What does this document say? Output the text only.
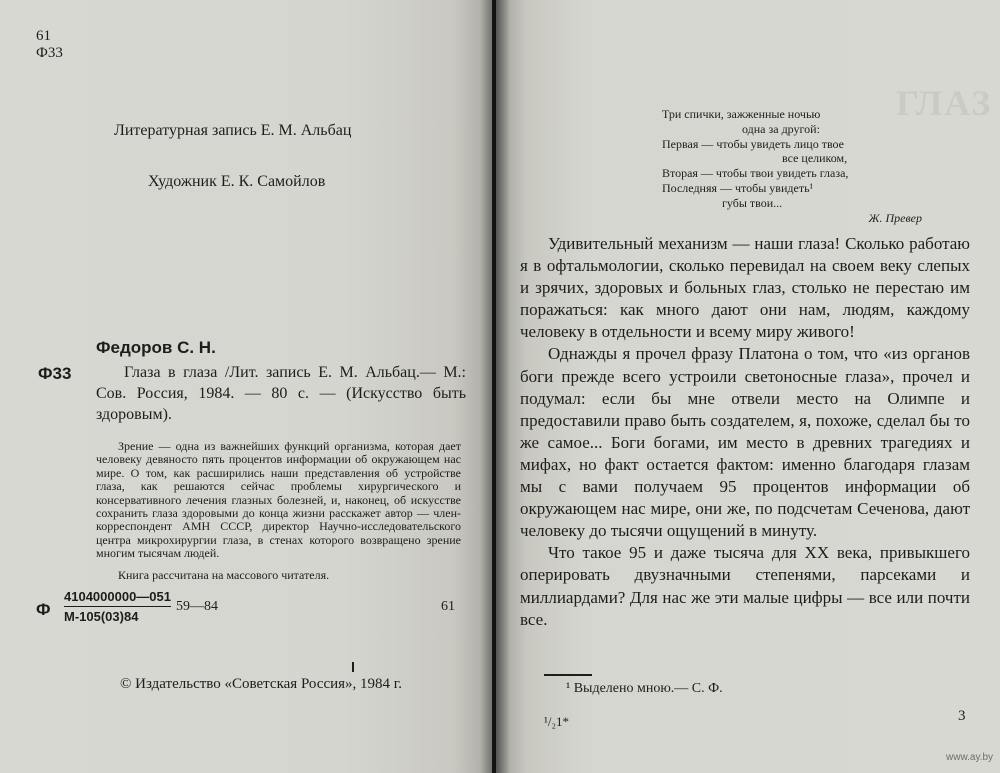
61
Ф33
Литературная запись Е. М. Альбац
Художник Е. К. Самойлов
Федоров С. Н.
Ф33	Глаза в глаза /Лит. запись Е. М. Альбац.— М.: Сов. Россия, 1984. — 80 с. — (Искусство быть здоровым).
Зрение — одна из важнейших функций организма, которая дает человеку девяносто пять процентов информации об окружающем нас мире. О том, как расширились наши представления об устройстве глаза, как решаются сейчас проблемы хирургического и консервативного лечения глазных болезней, и, наконец, об искусстве сохранить глаза здоровыми до конца жизни расскажет автор — член-корреспондент АМН СССР, директор Научно-исследовательского центра микрохирургии глаза, в стенах которого возвращено зрение многим тысячам людей.
Книга рассчитана на массового читателя.
Ф
4104000000—051
М-105(03)84
59—84	61
© Издательство «Советская Россия», 1984 г.
ГЛАЗ
Три спички, зажженные ночью
одна за другой:
Первая — чтобы увидеть лицо твое
все целиком,
Вторая — чтобы твои увидеть глаза,
Последняя — чтобы увидеть¹
губы твои...
Ж. Превер

Удивительный механизм — наши глаза! Сколько работаю я в офтальмологии, сколько перевидал на своем веку слепых и зрячих, здоровых и больных глаз, столько не перестаю им поражаться: как много дают они нам, людям, каждому человеку в отдельности и всему миру живого!

Однажды я прочел фразу Платона о том, что «из органов боги прежде всего устроили светоносные глаза», прочел и подумал: если бы мне отвели место на Олимпе и предоставили право быть создателем, я, похоже, сделал бы то же самое... Боги богами, им место в древних трагедиях и мифах, но факт остается фактом: именно благодаря глазам мы с вами получаем 95 процентов информации об окружающем нас мире, они же, по подсчетам Сеченова, дают человеку до тысячи ощущений в минуту.

Что такое 95 и даже тысяча для XX века, привыкшего оперировать двузначными степенями, парсеками и миллиардами? Для нас же эти малые цифры — все или почти все.

¹ Выделено мною.— С. Ф.
¹/₂1*	3
www.ay.by
